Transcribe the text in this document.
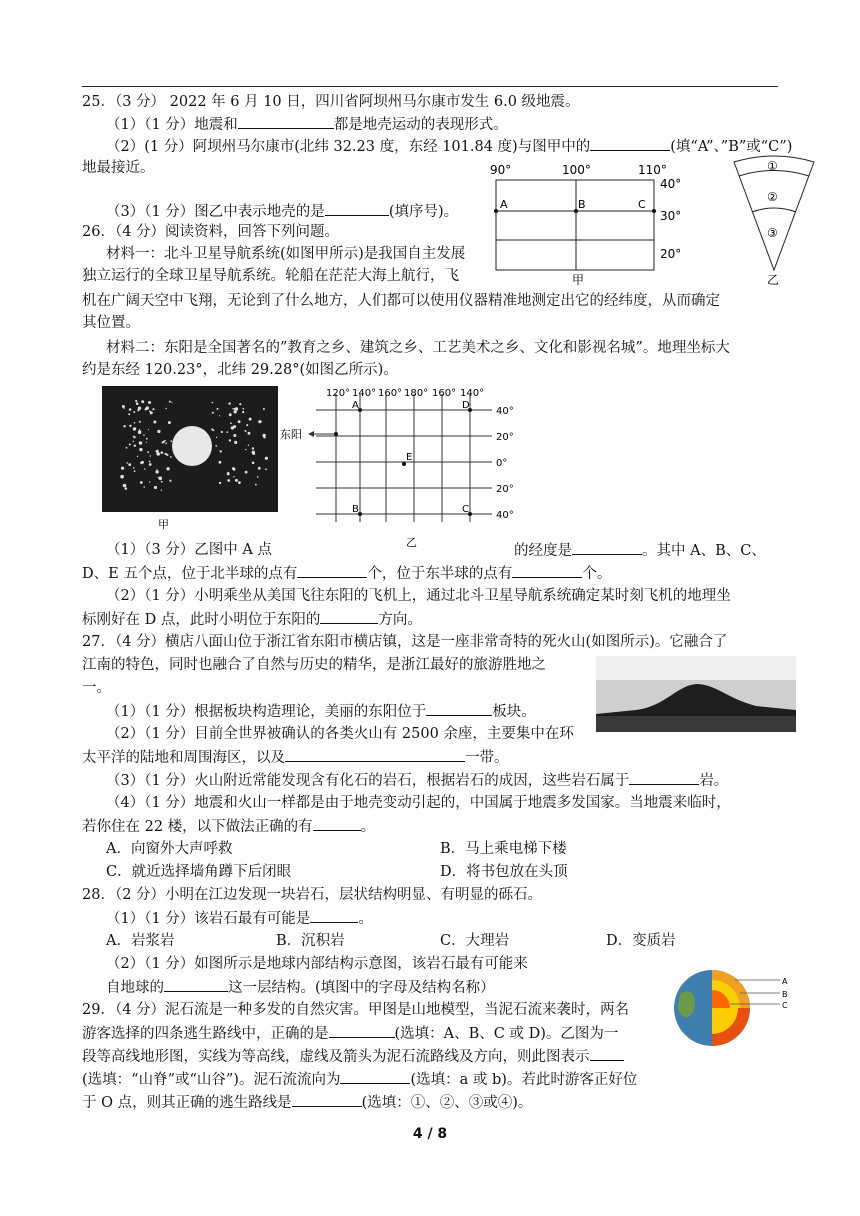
25．（3 分） 2022 年 6 月 10 日，四川省阿坝州马尔康市发生 6.0 级地震。
（1）（1 分）地震和	都是地壳运动的表现形式。
（2）(1 分）阿坝州马尔康市(北纬 32.23 度，东经 101.84 度)与图甲中的	(填“A”、”B”或“C”)
地最接近。
（3）（1 分）图乙中表示地壳的是	(填序号)。
90°	100°	110°
40°
30°
20°
A	B	C
甲
①
②
③
乙
26．（4 分）阅读资料，回答下列问题。
材料一：北斗卫星导航系统(如图甲所示)是我国自主发展
独立运行的全球卫星导航系统。轮船在茫茫大海上航行，飞
机在广阔天空中飞翔，无论到了什么地方，人们都可以使用仪器精准地测定出它的经纬度，从而确定
其位置。
材料二：东阳是全国著名的”教育之乡、建筑之乡、工艺美术之乡、文化和影视名城”。地理坐标大
约是东经 120.23°，北纬 29.28°(如图乙所示)。
甲
120° 140° 160° 180° 160° 140°
40°
20°
0°
20°
40°
A	D
E
B	C
东阳
乙
（1）（3 分）乙图中 A 点	的经度是	。其中 A、B、C、
D、E 五个点，位于北半球的点有	个，位于东半球的点有	个。
（2）（1 分）小明乘坐从美国飞往东阳的飞机上，通过北斗卫星导航系统确定某时刻飞机的地理坐
标刚好在 D 点，此时小明位于东阳的	方向。
27．（4 分）横店八面山位于浙江省东阳市横店镇，这是一座非常奇特的死火山(如图所示)。它融合了
江南的特色，同时也融合了自然与历史的精华，是浙江最好的旅游胜地之
一。
（1）（1 分）根据板块构造理论，美丽的东阳位于	板块。
（2）（1 分）目前全世界被确认的各类火山有 2500 余座，主要集中在环
太平洋的陆地和周围海区，以及	一带。
（3）（1 分）火山附近常能发现含有化石的岩石，根据岩石的成因，这些岩石属于	岩。
（4）（1 分）地震和火山一样都是由于地壳变动引起的，中国属于地震多发国家。当地震来临时，
若你住在 22 楼，以下做法正确的有	。
A．向窗外大声呼救	B．马上乘电梯下楼
C．就近选择墙角蹲下后闭眼	D．将书包放在头顶
28．（2 分）小明在江边发现一块岩石，层状结构明显、有明显的砾石。
（1）（1 分）该岩石最有可能是	。
A．岩浆岩	B．沉积岩	C．大理岩	D．变质岩
（2）（1 分）如图所示是地球内部结构示意图，该岩石最有可能来
自地球的	这一层结构。(填图中的字母及结构名称）	A
B
C
29．（4 分）泥石流是一种多发的自然灾害。甲图是山地模型，当泥石流来袭时，两名
游客选择的四条逃生路线中，正确的是	(选填：A、B、C 或 D)。乙图为一
段等高线地形图，实线为等高线，虚线及箭头为泥石流路线及方向，则此图表示
(选填：“山脊”或“山谷”)。泥石流流向为	(选填：a 或 b)。若此时游客正好位
于 O 点，则其正确的逃生路线是	(选填：①、②、③或④)。
4 / 8
